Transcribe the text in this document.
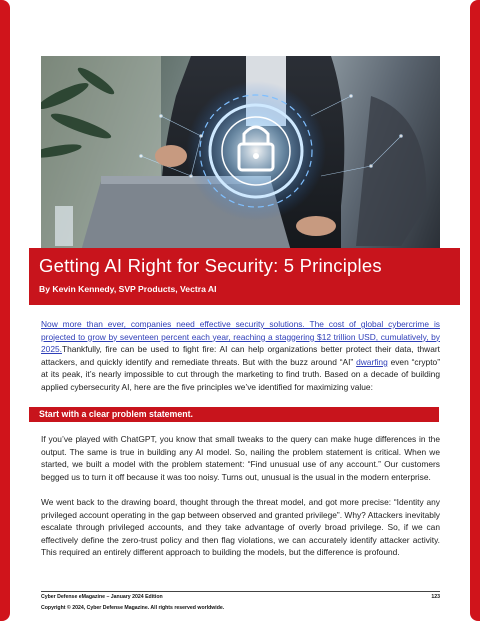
Getting AI Right for Security: 5 Principles
By Kevin Kennedy, SVP Products, Vectra AI

Now more than ever, companies need effective security solutions. The cost of global cybercrime is projected to grow by seventeen percent each year, reaching a staggering $12 trillion USD, cumulatively, by 2025.Thankfully, fire can be used to fight fire: AI can help organizations better protect their data, thwart attackers, and quickly identify and remediate threats. But with the buzz around “AI” dwarfing even “crypto” at its peak, it’s nearly impossible to cut through the marketing to find truth. Based on a decade of building applied cybersecurity AI, here are the five principles we’ve identified for maximizing value:

Start with a clear problem statement.

If you’ve played with ChatGPT, you know that small tweaks to the query can make huge differences in the output. The same is true in building any AI model. So, nailing the problem statement is critical. When we started, we built a model with the problem statement: “Find unusual use of any account.” Our customers begged us to turn it off because it was too noisy. Turns out, unusual is the usual in the modern enterprise.

We went back to the drawing board, thought through the threat model, and got more precise: “Identity any privileged account operating in the gap between observed and granted privilege”. Why? Attackers inevitably escalate through privileged accounts, and they take advantage of overly broad privilege. So, if we can effectively define the zero-trust policy and then flag violations, we can accurately identify attacker activity. This required an entirely different approach to building the models, but the difference is profound.

Cyber Defense eMagazine – January 2024 Edition	123
Copyright © 2024, Cyber Defense Magazine. All rights reserved worldwide.
